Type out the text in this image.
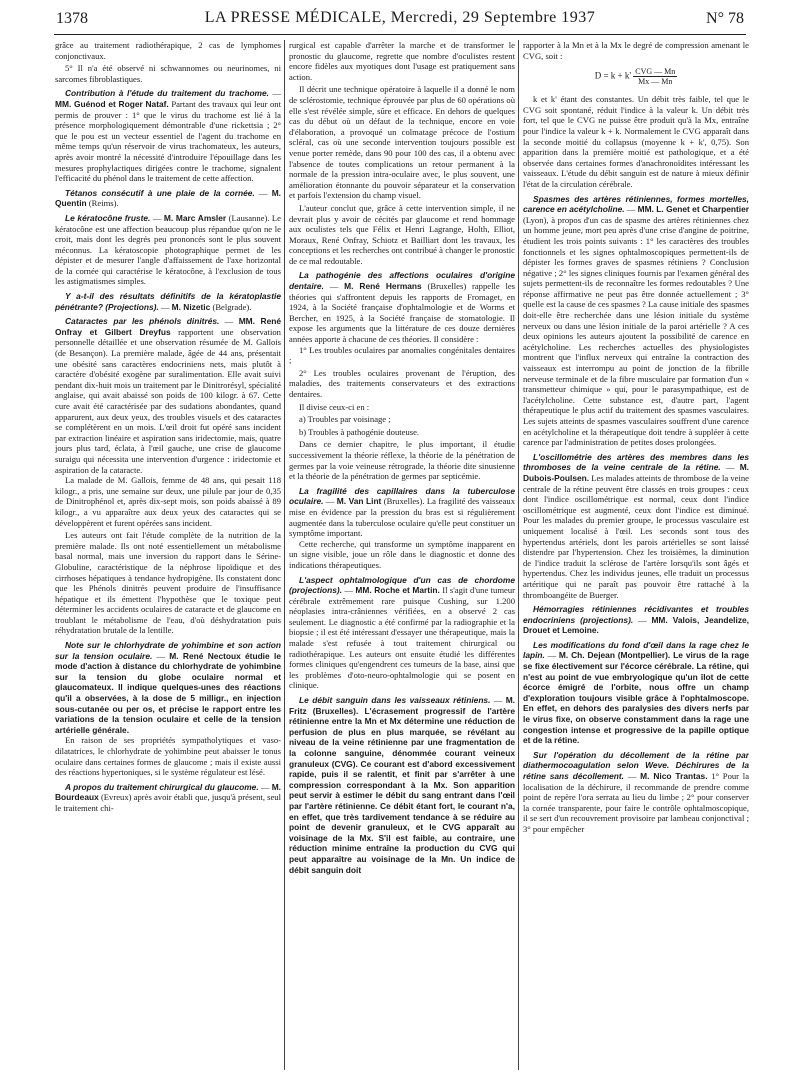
1378	LA PRESSE MÉDICALE, Mercredi, 29 Septembre 1937	N° 78

grâce au traitement radiothérapique, 2 cas de lymphomes conjonctivaux.

5° Il n'a été observé ni schwannomes ou neurinomes, ni sarcomes fibroblastiques.

Contribution à l'étude du traitement du trachome. — MM. Guénod et Roger Nataf. Partant des travaux qui leur ont permis de prouver : 1° que le virus du trachome est lié à la présence morphologiquement démontrable d'une rickettsia ; 2° que le pou est un vecteur essentiel de l'agent du trachome en même temps qu'un réservoir de virus trachomateux, les auteurs, après avoir montré la nécessité d'introduire l'épouillage dans les mesures prophylactiques dirigées contre le trachome, signalent l'efficacité du phénol dans le traitement de cette affection.

Tétanos consécutif à une plaie de la cornée. — M. Quentin (Reims).

Le kératocône fruste. — M. Marc Amsler (Lausanne). Le kératocône est une affection beaucoup plus répandue qu'on ne le croit, mais dont les degrés peu prononcés sont le plus souvent méconnus. La kératoscopie photographique permet de les dépister et de mesurer l'angle d'affaissement de l'axe horizontal de la cornée qui caractérise le kératocône, à l'exclusion de tous les astigmatismes simples.

Y a-t-il des résultats définitifs de la kératoplastie pénétrante? (Projections). — M. Nizetic (Belgrade).

Cataractes par les phénols dinitrés. — MM. René Onfray et Gilbert Dreyfus rapportent une observation personnelle détaillée et une observation résumée de M. Gallois (de Besançon). La première malade, âgée de 44 ans, présentait une obésité sans caractères endocriniens nets, mais plutôt à caractère d'obésité exogène par suralimentation. Elle avait suivi pendant dix-huit mois un traitement par le Dinitrorésyl, spécialité anglaise, qui avait abaissé son poids de 100 kilogr. à 67. Cette cure avait été caractérisée par des sudations abondantes, quand apparurent, aux deux yeux, des troubles visuels et des cataractes se complétèrent en un mois. L'œil droit fut opéré sans incident par extraction linéaire et aspiration sans iridectomie, mais, quatre jours plus tard, éclata, à l'œil gauche, une crise de glaucome suraigu qui nécessita une intervention d'urgence : iridectomie et aspiration de la cataracte.

La malade de M. Gallois, femme de 48 ans, qui pesait 118 kilogr., a pris, une semaine sur deux, une pilule par jour de 0,35 de Dinitrophénol et, après dix-sept mois, son poids abaissé à 89 kilogr., a vu apparaître aux deux yeux des cataractes qui se développèrent et furent opérées sans incident.

Les auteurs ont fait l'étude complète de la nutrition de la première malade. Ils ont noté essentiellement un métabolisme basal normal, mais une inversion du rapport dans le Sérine-Globuline, caractéristique de la néphrose lipoïdique et des cirrhoses hépatiques à tendance hydropigène. Ils constatent donc que les Phénols dinitrés peuvent produire de l'insuffisance hépatique et ils émettent l'hypothèse que le toxique peut déterminer les accidents oculaires de cataracte et de glaucome en troublant le métabolisme de l'eau, d'où déshydratation puis réhydratation brutale de la lentille.

Note sur le chlorhydrate de yohimbine et son action sur la tension oculaire. — M. René Nectoux étudie le mode d'action à distance du chlorhydrate de yohimbine sur la tension du globe oculaire normal et glaucomateux. Il indique quelques-unes des réactions qu'il a observées, à la dose de 5 milligr., en injection sous-cutanée ou per os, et précise le rapport entre les variations de la tension oculaire et celle de la tension artérielle générale.

En raison de ses propriétés sympatholytiques et vaso-dilatatrices, le chlorhydrate de yohimbine peut abaisser le tonus oculaire dans certaines formes de glaucome ; mais il existe aussi des réactions hypertoniques, si le système régulateur est lésé.

A propos du traitement chirurgical du glaucome. — M. Bourdeaux (Evreux) après avoir établi que, jusqu'à présent, seul le traitement chi-

rurgical est capable d'arrêter la marche et de transformer le pronostic du glaucome, regrette que nombre d'oculistes restent encore fidèles aux myotiques dont l'usage est pratiquement sans action.

Il décrit une technique opératoire à laquelle il a donné le nom de sclérostomie, technique éprouvée par plus de 60 opérations où elle s'est révélée simple, sûre et efficace. En dehors de quelques cas du début où un défaut de la technique, encore en voie d'élaboration, a provoqué un colmatage précoce de l'ostium scléral, cas où une seconde intervention toujours possible est venue porter remède, dans 90 pour 100 des cas, il a obtenu avec l'absence de toutes complications un retour permanent à la normale de la pression intra-oculaire avec, le plus souvent, une amélioration étonnante du pouvoir séparateur et la conservation et parfois l'extension du champ visuel.

L'auteur conclut que, grâce à cette intervention simple, il ne devrait plus y avoir de cécités par glaucome et rend hommage aux oculistes tels que Félix et Henri Lagrange, Holth, Elliot, Moraux, René Onfray, Schiotz et Bailliart dont les travaux, les conceptions et les recherches ont contribué à changer le pronostic de ce mal redoutable.

La pathogénie des affections oculaires d'origine dentaire. — M. René Hermans (Bruxelles) rappelle les théories qui s'affrontent depuis les rapports de Fromaget, en 1924, à la Société française d'ophtalmologie et de Worms et Bercher, en 1925, à la Société française de stomatologie. Il expose les arguments que la littérature de ces douze dernières années apporte à chacune de ces théories. Il considère :

1° Les troubles oculaires par anomalies congénitales dentaires ;

2° Les troubles oculaires provenant de l'éruption, des maladies, des traitements conservateurs et des extractions dentaires.

Il divise ceux-ci en :

a) Troubles par voisinage ;

b) Troubles à pathogénie douteuse.

Dans ce dernier chapitre, le plus important, il étudie successivement la théorie réflexe, la théorie de la pénétration de germes par la voie veineuse rétrograde, la théorie dite sinusienne et la théorie de la pénétration de germes par septicémie.

La fragilité des capillaires dans la tuberculose oculaire. — M. Van Lint (Bruxelles). La fragilité des vaisseaux mise en évidence par la pression du bras est si régulièrement augmentée dans la tuberculose oculaire qu'elle peut constituer un symptôme important.

Cette recherche, qui transforme un symptôme inapparent en un signe visible, joue un rôle dans le diagnostic et donne des indications thérapeutiques.

L'aspect ophtalmologique d'un cas de chordome (projections). — MM. Roche et Martin. Il s'agit d'une tumeur cérébrale extrêmement rare puisque Cushing, sur 1.200 néoplasies intra-crâniennes vérifiées, en a observé 2 cas seulement. Le diagnostic a été confirmé par la radiographie et la biopsie ; il est été intéressant d'essayer une thérapeutique, mais la malade s'est refusée à tout traitement chirurgical ou radiothérapique. Les auteurs ont ensuite étudié les différentes formes cliniques qu'engendrent ces tumeurs de la base, ainsi que les problèmes d'oto-neuro-ophtalmologie qui se posent en clinique.

Le débit sanguin dans les vaisseaux rétiniens. — M. Fritz (Bruxelles). L'écrasement progressif de l'artère rétinienne entre la Mn et Mx détermine une réduction de perfusion de plus en plus marquée, se révélant au niveau de la veine rétinienne par une fragmentation de la colonne sanguine, dénommée courant veineux granuleux (CVG). Ce courant est d'abord excessivement rapide, puis il se ralentit, et finit par s'arrêter à une compression correspondant à la Mx. Son apparition peut servir à estimer le débit du sang entrant dans l'œil par l'artère rétinienne. Ce débit étant fort, le courant n'a, en effet, que très tardivement tendance à se réduire au point de devenir granuleux, et le CVG apparaît au voisinage de la Mx. S'il est faible, au contraire, une réduction minime entraîne la production du CVG qui peut apparaître au voisinage de la Mn. Un indice de débit sanguin doit

rapporter à la Mn et à la Mx le degré de compression amenant le CVG, soit :

$D = k + k' \frac{\text{CVG — Mn}}{Mx — Mn}$

k et k' étant des constantes. Un débit très faible, tel que le CVG soit spontané, réduit l'indice à la valeur k. Un débit très fort, tel que le CVG ne puisse être produit qu'à la Mx, entraîne pour l'indice la valeur k + k. Normalement le CVG apparaît dans la seconde moitié du collapsus (moyenne k + k', 0,75). Son apparition dans la première moitié est pathologique, et a été observée dans certaines formes d'anachronoïdites intéressant les vaisseaux. L'étude du débit sanguin est de nature à mieux définir l'état de la circulation cérébrale.

Spasmes des artères rétiniennes, formes mortelles, carence en acétylcholine. — MM. L. Genet et Charpentier (Lyon), à propos d'un cas de spasme des artères rétiniennes chez un homme jeune, mort peu après d'une crise d'angine de poitrine, étudient les trois points suivants : 1° les caractères des troubles fonctionnels et les signes ophtalmoscopiques permettent-ils de dépister les formes graves de spasmes rétiniens ? Conclusion négative ; 2° les signes cliniques fournis par l'examen général des sujets permettent-ils de reconnaître les formes redoutables ? Une réponse affirmative ne peut pas être donnée actuellement ; 3° quelle est la cause de ces spasmes ? La cause initiale des spasmes doit-elle être recherchée dans une lésion initiale du système nerveux ou dans une lésion initiale de la paroi artérielle ? A ces deux opinions les auteurs ajoutent la possibilité de carence en acétylcholine. Les recherches actuelles des physiologistes montrent que l'influx nerveux qui entraîne la contraction des vaisseaux est interrompu au point de jonction de la fibrille nerveuse terminale et de la fibre musculaire par formation d'un « transmetteur chimique » qui, pour le parasympathique, est de l'acétylcholine. Cette substance est, d'autre part, l'agent thérapeutique le plus actif du traitement des spasmes vasculaires. Les sujets atteints de spasmes vasculaires souffrent d'une carence en acétylcholine et la thérapeutique doit tendre à suppléer à cette carence par l'administration de petites doses prolongées.

L'oscillométrie des artères des membres dans les thromboses de la veine centrale de la rétine. — M. Dubois-Poulsen. Les malades atteints de thrombose de la veine centrale de la rétine peuvent être classés en trois groupes : ceux dont l'indice oscillométrique est normal, ceux dont l'indice oscillométrique est augmenté, ceux dont l'indice est diminué. Pour les malades du premier groupe, le processus vasculaire est uniquement localisé à l'œil. Les seconds sont tous des hypertendus artériels, dont les parois artérielles se sont laissé distendre par l'hypertension. Chez les troisièmes, la diminution de l'indice traduit la sclérose de l'artère lorsqu'ils sont âgés et hypertendus. Chez les individus jeunes, elle traduit un processus artéritique qui ne paraît pas pouvoir être rattaché à la thromboangéite de Buerger.

Hémorragies rétiniennes récidivantes et troubles endocriniens (projections). — MM. Valois, Jeandelize, Drouet et Lemoine.

Les modifications du fond d'œil dans la rage chez le lapin. — M. Ch. Dejean (Montpellier). Le virus de la rage se fixe électivement sur l'écorce cérébrale. La rétine, qui n'est au point de vue embryologique qu'un îlot de cette écorce émigré de l'orbite, nous offre un champ d'exploration toujours visible grâce à l'ophtalmoscope. En effet, en dehors des paralysies des divers nerfs par le virus fixe, on observe constamment dans la rage une congestion intense et progressive de la papille optique et de la rétine.

Sur l'opération du décollement de la rétine par diathermocoagulation selon Weve. Déchirures de la rétine sans décollement. — M. Nico Trantas. 1° Pour la localisation de la déchirure, il recommande de prendre comme point de repère l'ora serrata au lieu du limbe ; 2° pour conserver la cornée transparente, pour faire le contrôle ophtalmoscopique, il se sert d'un recouvrement provisoire par lambeau conjonctival ; 3° pour empêcher
